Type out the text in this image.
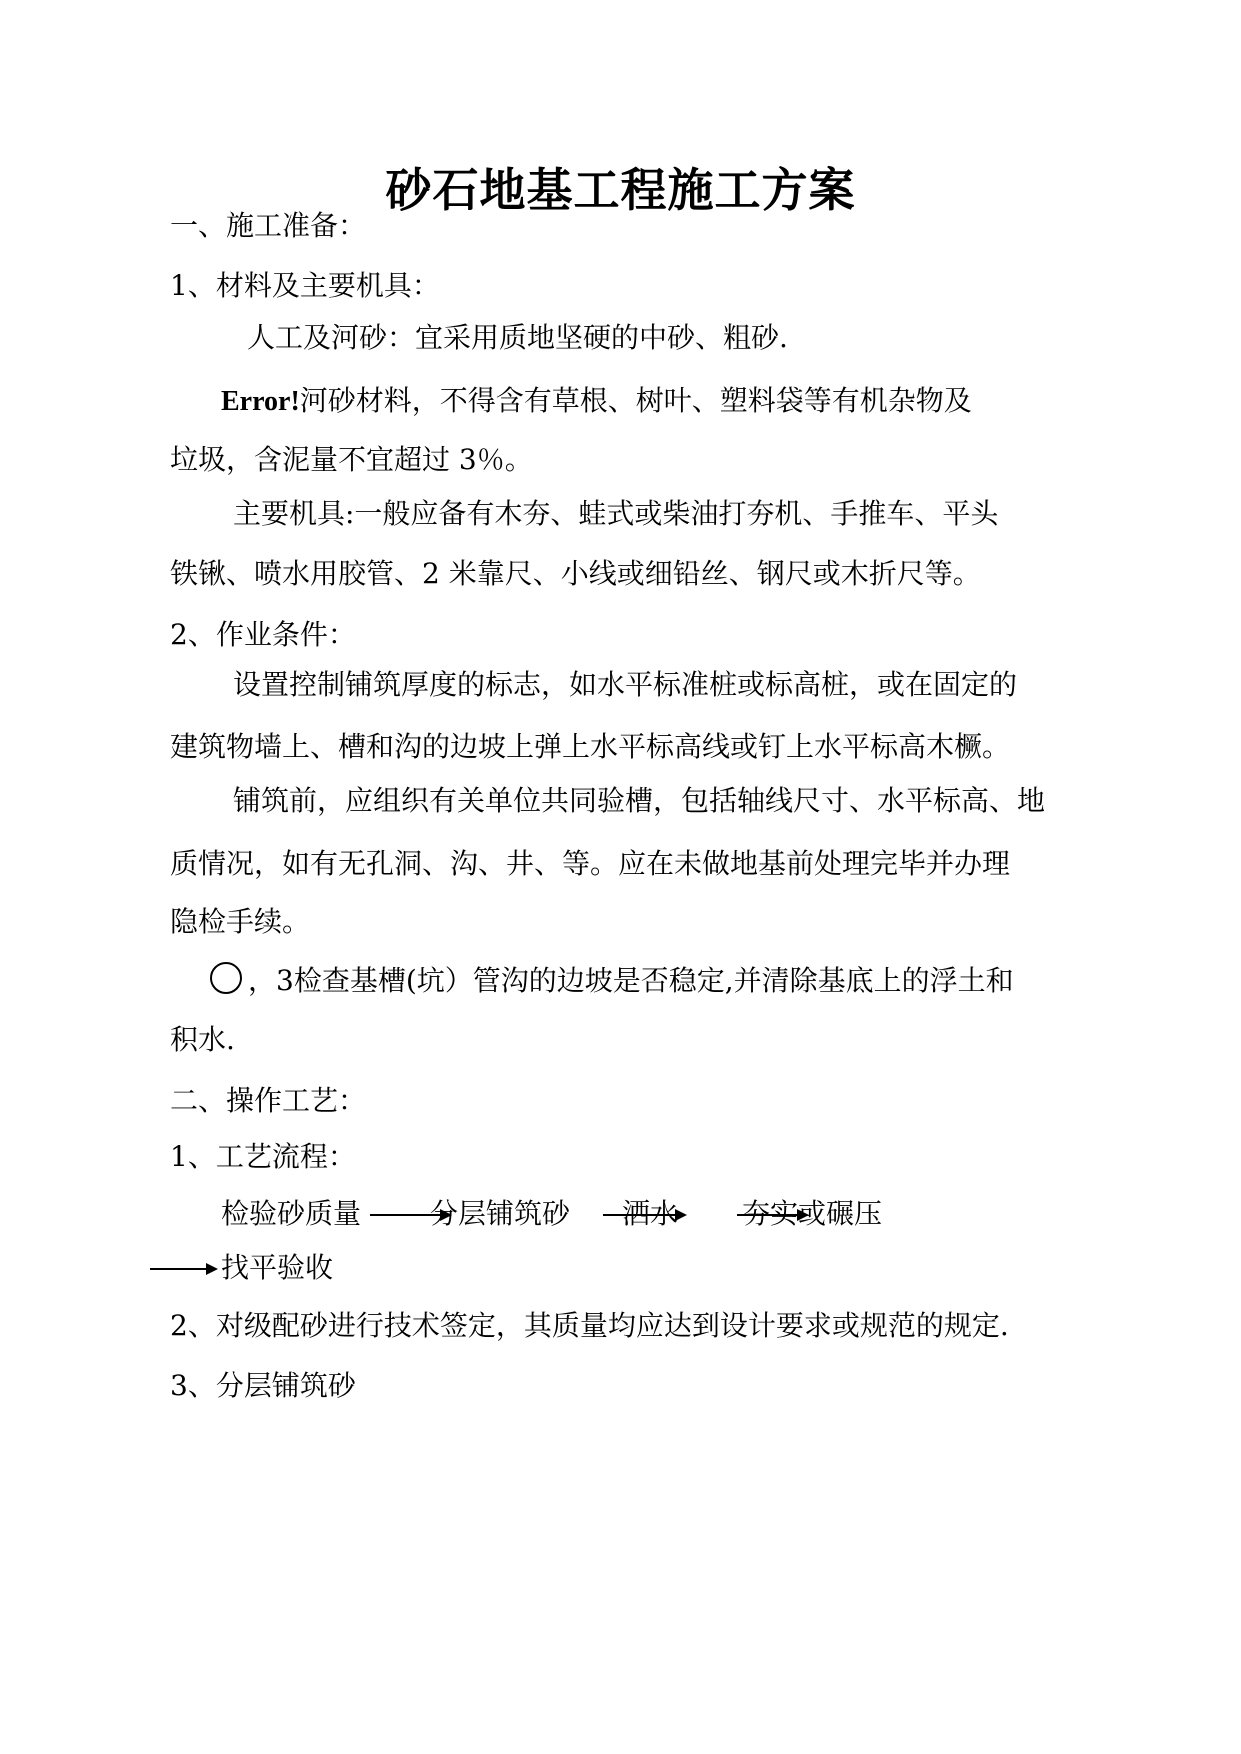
砂石地基工程施工方案
一、施工准备：
1、材料及主要机具：
人工及河砂：宜采用质地坚硬的中砂、粗砂.
Error!河砂材料，不得含有草根、树叶、塑料袋等有机杂物及
垃圾，含泥量不宜超过 3％。
主要机具:一般应备有木夯、蛙式或柴油打夯机、手推车、平头
铁锹、喷水用胶管、2 米靠尺、小线或细铅丝、钢尺或木折尺等。
2、作业条件：
设置控制铺筑厚度的标志，如水平标准桩或标高桩，或在固定的
建筑物墙上、槽和沟的边坡上弹上水平标高线或钉上水平标高木橛。
铺筑前，应组织有关单位共同验槽，包括轴线尺寸、水平标高、地
质情况，如有无孔洞、沟、井、等。应在未做地基前处理完毕并办理
隐检手续。
，3检查基槽(坑）管沟的边坡是否稳定,并清除基底上的浮土和
积水.
二、操作工艺：
1、工艺流程：
检验砂质量 分层铺筑砂 洒水 夯实或碾压
找平验收
2、对级配砂进行技术签定，其质量均应达到设计要求或规范的规定.
3、分层铺筑砂
